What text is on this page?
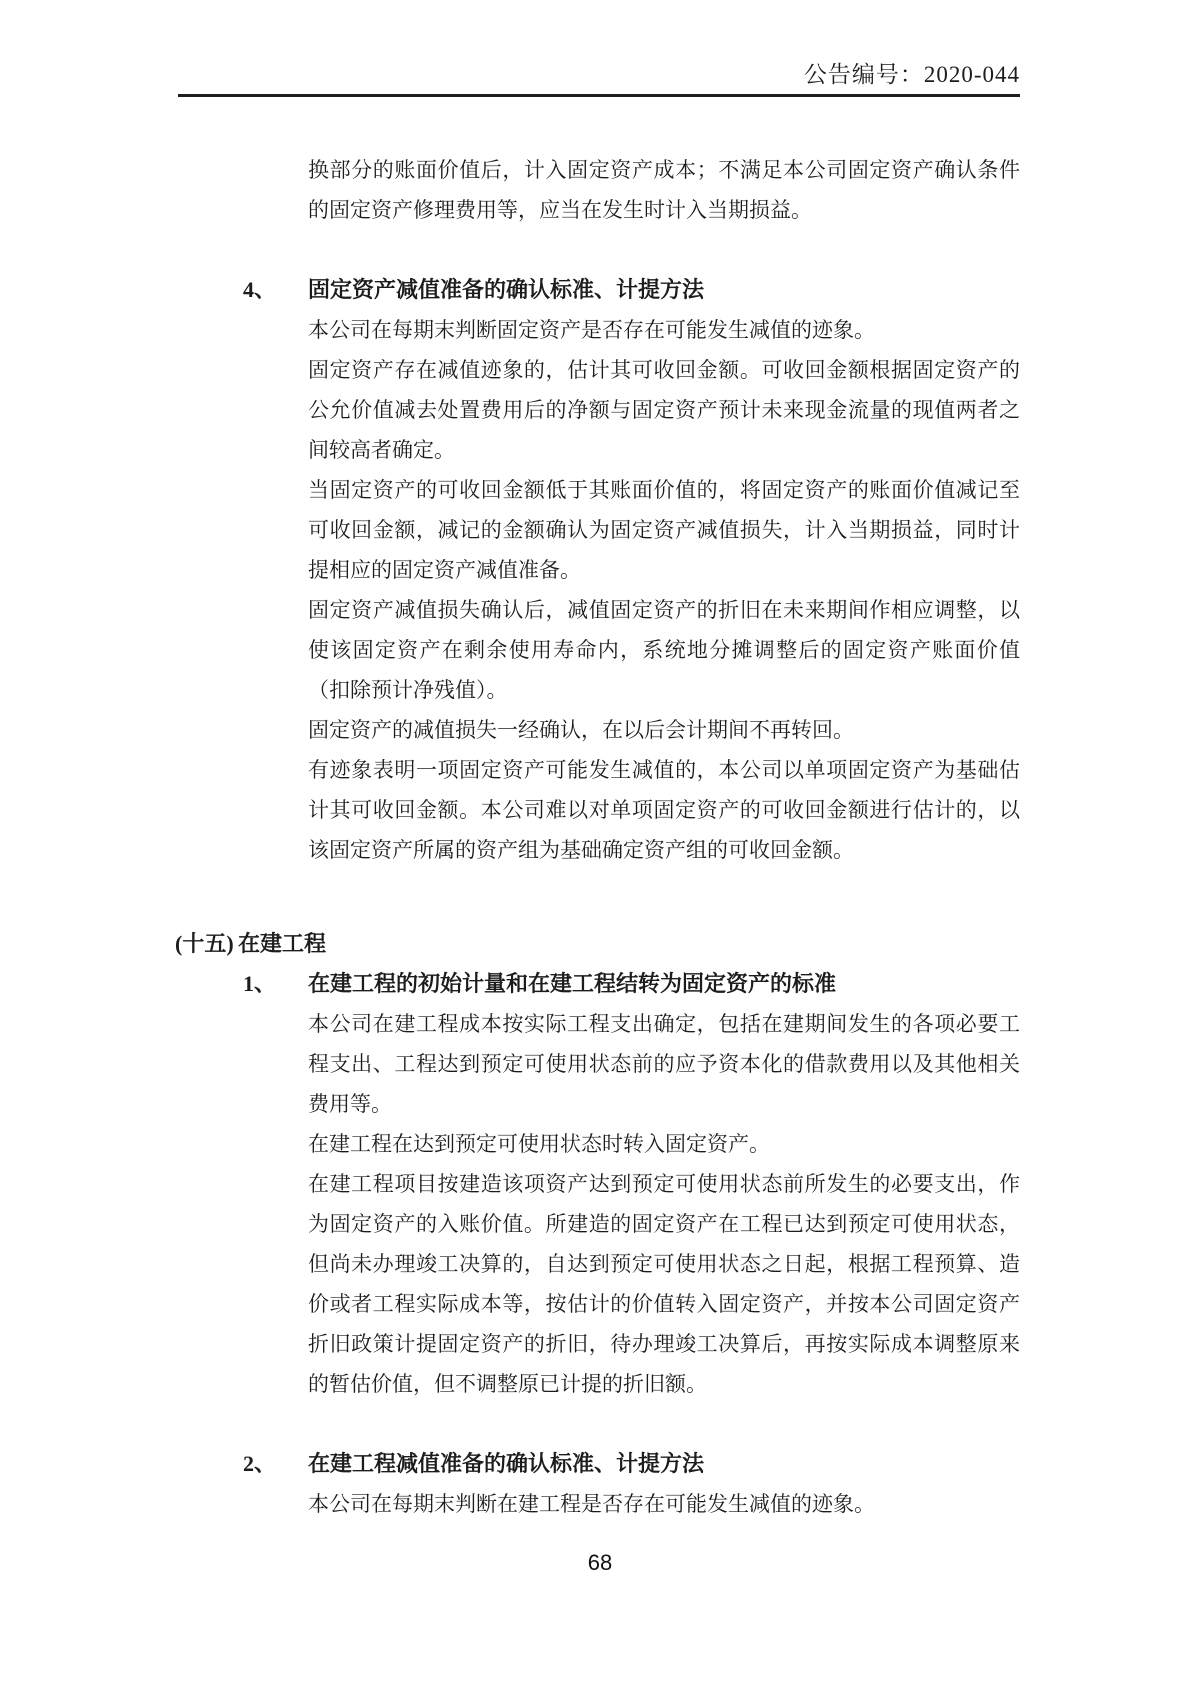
公告编号：2020-044

换部分的账面价值后，计入固定资产成本；不满足本公司固定资产确认条件的固定资产修理费用等，应当在发生时计入当期损益。

4、	固定资产减值准备的确认标准、计提方法

本公司在每期末判断固定资产是否存在可能发生减值的迹象。

固定资产存在减值迹象的，估计其可收回金额。可收回金额根据固定资产的公允价值减去处置费用后的净额与固定资产预计未来现金流量的现值两者之间较高者确定。

当固定资产的可收回金额低于其账面价值的，将固定资产的账面价值减记至可收回金额，减记的金额确认为固定资产减值损失，计入当期损益，同时计提相应的固定资产减值准备。

固定资产减值损失确认后，减值固定资产的折旧在未来期间作相应调整，以使该固定资产在剩余使用寿命内，系统地分摊调整后的固定资产账面价值（扣除预计净残值）。

固定资产的减值损失一经确认，在以后会计期间不再转回。

有迹象表明一项固定资产可能发生减值的，本公司以单项固定资产为基础估计其可收回金额。本公司难以对单项固定资产的可收回金额进行估计的，以该固定资产所属的资产组为基础确定资产组的可收回金额。

(十五) 在建工程
1、	在建工程的初始计量和在建工程结转为固定资产的标准

本公司在建工程成本按实际工程支出确定，包括在建期间发生的各项必要工程支出、工程达到预定可使用状态前的应予资本化的借款费用以及其他相关费用等。

在建工程在达到预定可使用状态时转入固定资产。

在建工程项目按建造该项资产达到预定可使用状态前所发生的必要支出，作为固定资产的入账价值。所建造的固定资产在工程已达到预定可使用状态，但尚未办理竣工决算的，自达到预定可使用状态之日起，根据工程预算、造价或者工程实际成本等，按估计的价值转入固定资产，并按本公司固定资产折旧政策计提固定资产的折旧，待办理竣工决算后，再按实际成本调整原来的暂估价值，但不调整原已计提的折旧额。

2、	在建工程减值准备的确认标准、计提方法

本公司在每期末判断在建工程是否存在可能发生减值的迹象。

68
